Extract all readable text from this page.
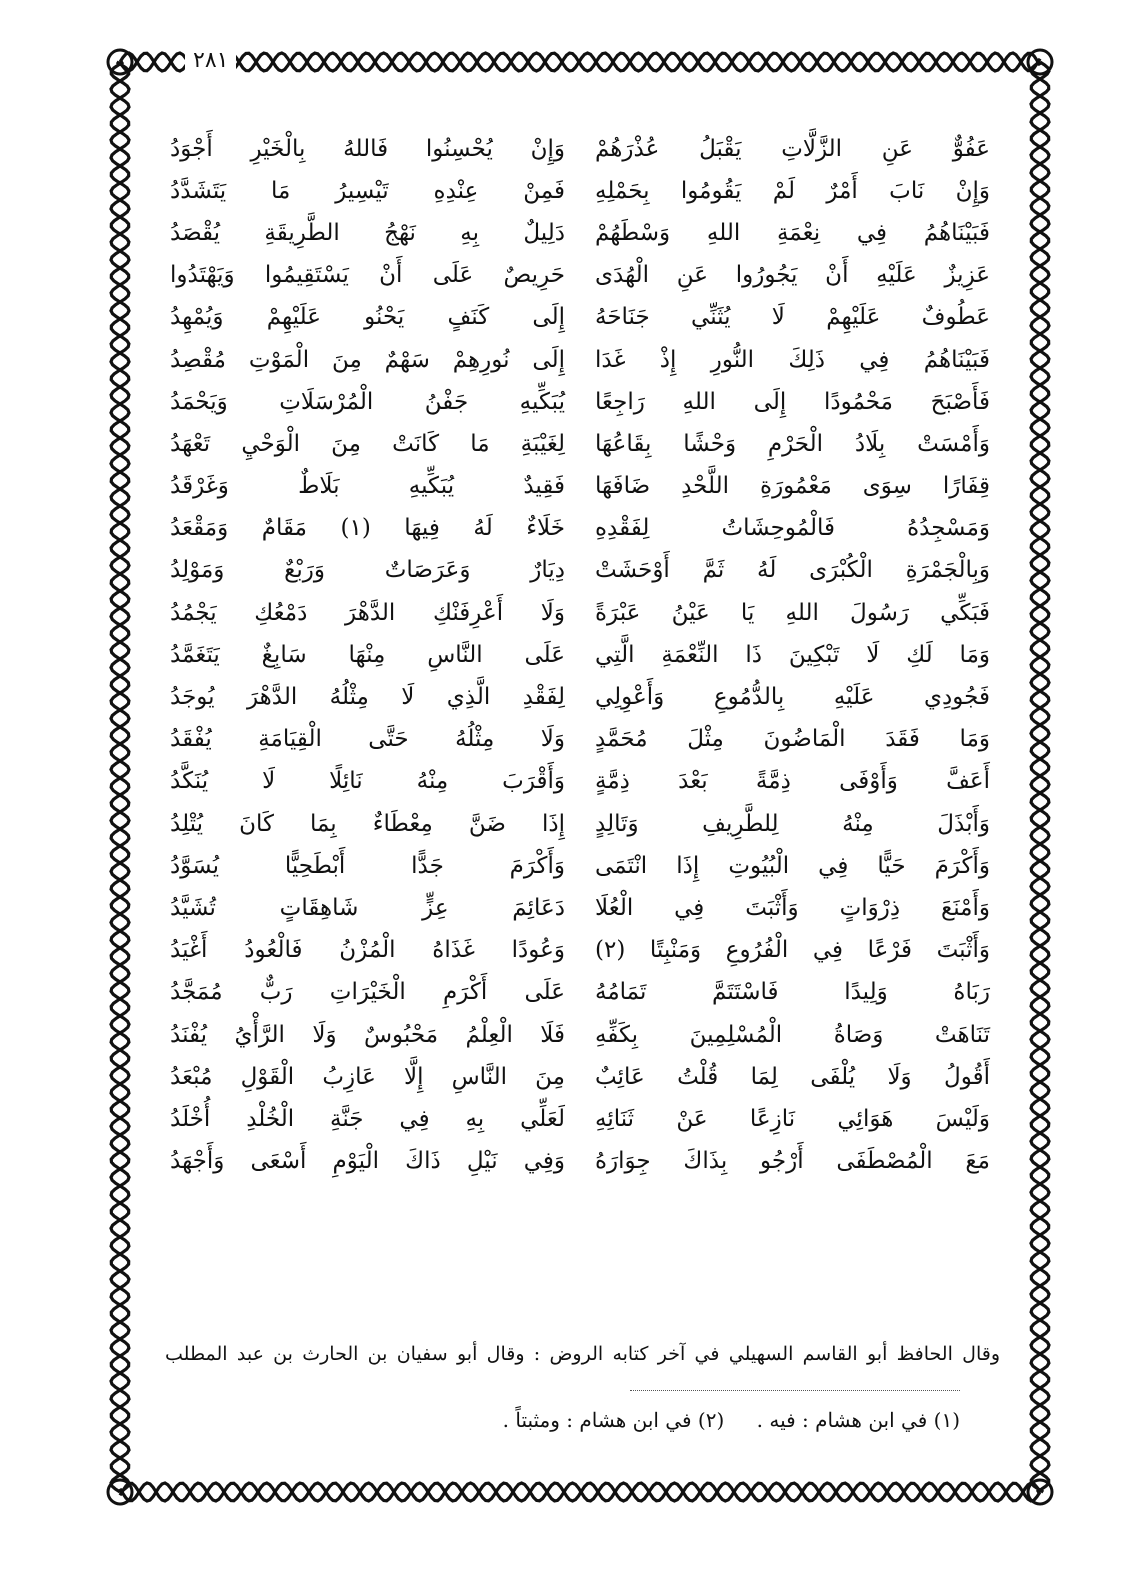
٢٨١
عَفُوٌّ عَنِ الزَّلَّاتِ يَقْبَلُ عُذْرَهُمْ
وَإِنْ يُحْسِنُوا فَاللهُ بِالْخَيْرِ أَجْوَدُ
وَإِنْ نَابَ أَمْرٌ لَمْ يَقُومُوا بِحَمْلِهِ
فَمِنْ عِنْدِهِ تَيْسِيرُ مَا يَتَشَدَّدُ
فَبَيْنَاهُمُ فِي نِعْمَةِ اللهِ وَسْطَهُمْ
دَلِيلٌ بِهِ نَهْجُ الطَّرِيقَةِ يُقْصَدُ
عَزِيزٌ عَلَيْهِ أَنْ يَجُورُوا عَنِ الْهُدَى
حَرِيصٌ عَلَى أَنْ يَسْتَقِيمُوا وَيَهْتَدُوا
عَطُوفٌ عَلَيْهِمْ لَا يُثَنِّي جَنَاحَهُ
إِلَى كَنَفٍ يَحْنُو عَلَيْهِمْ وَيُمْهِدُ
فَبَيْنَاهُمُ فِي ذَلِكَ النُّورِ إِذْ غَدَا
إِلَى نُورِهِمْ سَهْمٌ مِنَ الْمَوْتِ مُقْصِدُ
فَأَصْبَحَ مَحْمُودًا إِلَى اللهِ رَاجِعًا
يُبَكِّيهِ جَفْنُ الْمُرْسَلَاتِ وَيَحْمَدُ
وَأَمْسَتْ بِلَادُ الْحَرْمِ وَحْشًا بِقَاعُهَا
لِغَيْبَةِ مَا كَانَتْ مِنَ الْوَحْيِ تَعْهَدُ
قِفَارًا سِوَى مَعْمُورَةِ اللَّحْدِ ضَافَهَا
فَقِيدٌ يُبَكِّيهِ بَلَاطٌ وَغَرْقَدُ
وَمَسْجِدُهُ فَالْمُوحِشَاتُ لِفَقْدِهِ
خَلَاءٌ لَهُ فِيهَا (١) مَقَامٌ وَمَقْعَدُ
وَبِالْجَمْرَةِ الْكُبْرَى لَهُ ثَمَّ أَوْحَشَتْ
دِيَارٌ وَعَرَصَاتٌ وَرَبْعٌ وَمَوْلِدُ
فَبَكِّي رَسُولَ اللهِ يَا عَيْنُ عَبْرَةً
وَلَا أَعْرِفَنْكِ الدَّهْرَ دَمْعُكِ يَجْمُدُ
وَمَا لَكِ لَا تَبْكِينَ ذَا النِّعْمَةِ الَّتِي
عَلَى النَّاسِ مِنْهَا سَابِغٌ يَتَغَمَّدُ
فَجُودِي عَلَيْهِ بِالدُّمُوعِ وَأَعْوِلِي
لِفَقْدِ الَّذِي لَا مِثْلُهُ الدَّهْرَ يُوجَدُ
وَمَا فَقَدَ الْمَاضُونَ مِثْلَ مُحَمَّدٍ
وَلَا مِثْلُهُ حَتَّى الْقِيَامَةِ يُفْقَدُ
أَعَفَّ وَأَوْفَى ذِمَّةً بَعْدَ ذِمَّةٍ
وَأَقْرَبَ مِنْهُ نَائِلًا لَا يُنَكَّدُ
وَأَبْذَلَ مِنْهُ لِلطَّرِيفِ وَتَالِدٍ
إِذَا ضَنَّ مِعْطَاءٌ بِمَا كَانَ يُتْلِدُ
وَأَكْرَمَ حَيًّا فِي الْبُيُوتِ إِذَا انْتَمَى
وَأَكْرَمَ جَدًّا أَبْطَحِيًّا يُسَوَّدُ
وَأَمْنَعَ ذِرْوَاتٍ وَأَثْبَتَ فِي الْعُلَا
دَعَائِمَ عِزٍّ شَاهِقَاتٍ تُشَيَّدُ
وَأَثْبَتَ فَرْعًا فِي الْفُرُوعِ وَمَنْبِتًا (٢)
وَعُودًا غَذَاهُ الْمُزْنُ فَالْعُودُ أَغْيَدُ
رَبَاهُ وَلِيدًا فَاسْتَتَمَّ تَمَامُهُ
عَلَى أَكْرَمِ الْخَيْرَاتِ رَبٌّ مُمَجَّدُ
تَنَاهَتْ وَصَاةُ الْمُسْلِمِينَ بِكَفِّهِ
فَلَا الْعِلْمُ مَحْبُوسٌ وَلَا الرَّأْيُ يُفْنَدُ
أَقُولُ وَلَا يُلْفَى لِمَا قُلْتُ عَائِبٌ
مِنَ النَّاسِ إِلَّا عَازِبُ الْقَوْلِ مُبْعَدُ
وَلَيْسَ هَوَائِي نَازِعًا عَنْ ثَنَائِهِ
لَعَلِّي بِهِ فِي جَنَّةِ الْخُلْدِ أُخْلَدُ
مَعَ الْمُصْطَفَى أَرْجُو بِذَاكَ جِوَارَهُ
وَفِي نَيْلِ ذَاكَ الْيَوْمِ أَسْعَى وَأَجْهَدُ
وقال الحافظ أبو القاسم السهيلي في آخر كتابه الروض : وقال أبو سفيان بن الحارث بن عبد المطلب
(١) في ابن هشام : فيه . (٢) في ابن هشام : ومثبتاً .
